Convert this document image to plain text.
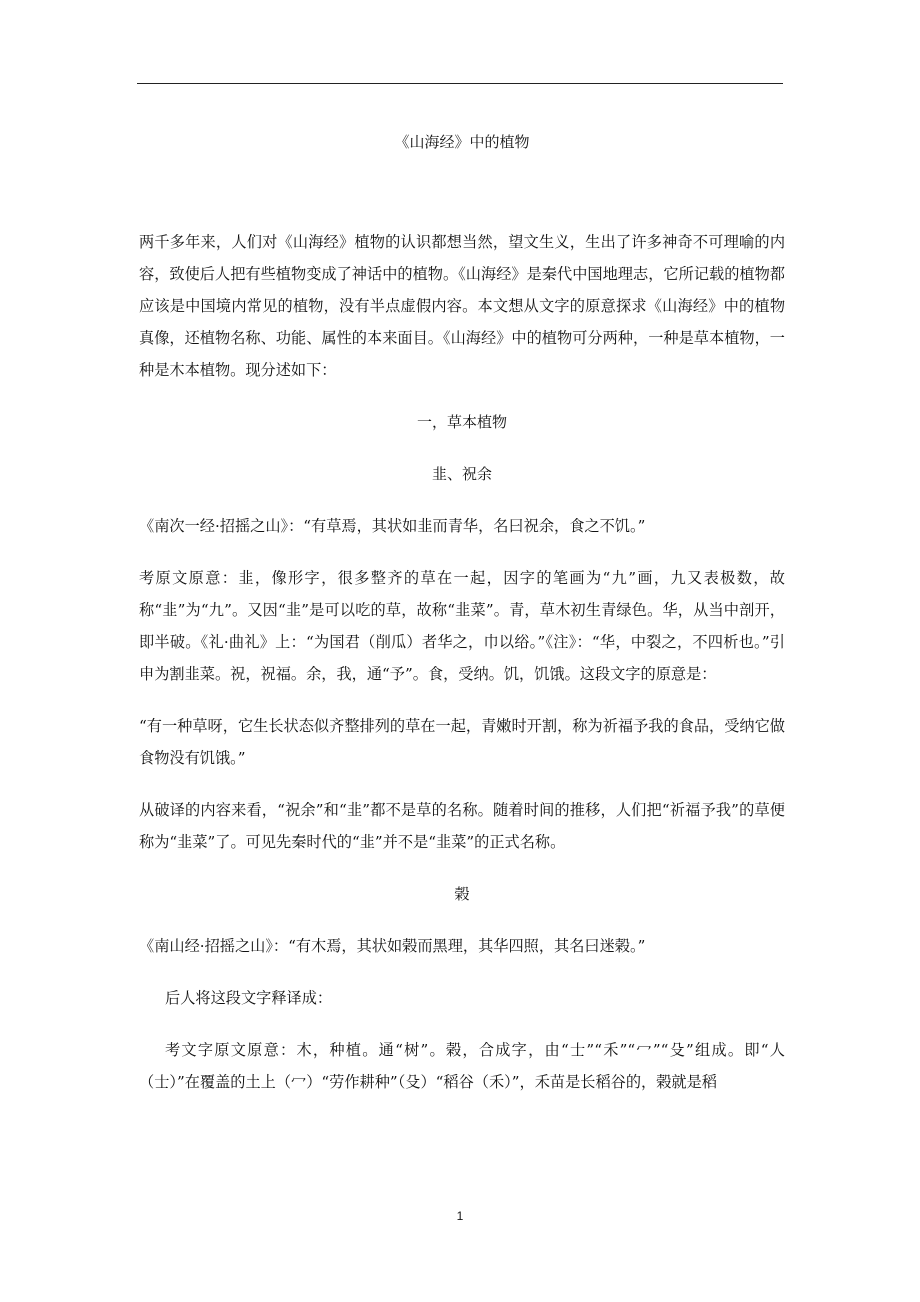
《山海经》中的植物

两千多年来，人们对《山海经》植物的认识都想当然，望文生义，生出了许多神奇不可理喻的内容，致使后人把有些植物变成了神话中的植物。《山海经》是秦代中国地理志，它所记载的植物都应该是中国境内常见的植物，没有半点虚假内容。本文想从文字的原意探求《山海经》中的植物真像，还植物名称、功能、属性的本来面目。《山海经》中的植物可分两种，一种是草本植物，一种是木本植物。现分述如下：

一，草本植物
韭、祝余

《南次一经·招摇之山》：“有草焉，其状如韭而青华，名曰祝余，食之不饥。”

考原文原意：韭，像形字，很多整齐的草在一起，因字的笔画为“九”画，九又表极数，故称“韭”为“九”。又因“韭”是可以吃的草，故称“韭菜”。青，草木初生青绿色。华，从当中剖开，即半破。《礼·曲礼》上：“为国君（削瓜）者华之，巾以绤。”《注》：“华，中裂之，不四析也。”引申为割韭菜。祝，祝福。余，我，通“予”。食，受纳。饥，饥饿。这段文字的原意是：

“有一种草呀，它生长状态似齐整排列的草在一起，青嫩时开割，称为祈福予我的食品，受纳它做食物没有饥饿。”

从破译的内容来看，“祝余”和“韭”都不是草的名称。随着时间的推移，人们把“祈福予我”的草便称为“韭菜”了。可见先秦时代的“韭”并不是“韭菜”的正式名称。

榖

《南山经·招摇之山》：“有木焉，其状如榖而黑理，其华四照，其名曰迷榖。”

后人将这段文字释译成：

考文字原文原意：木，种植。通“树”。榖，合成字，由“士”“禾”“冖”“殳”组成。即“人（士）”在覆盖的土上（冖）“劳作耕种”（殳）“稻谷（禾）”，禾苗是长稻谷的，榖就是稻

1
